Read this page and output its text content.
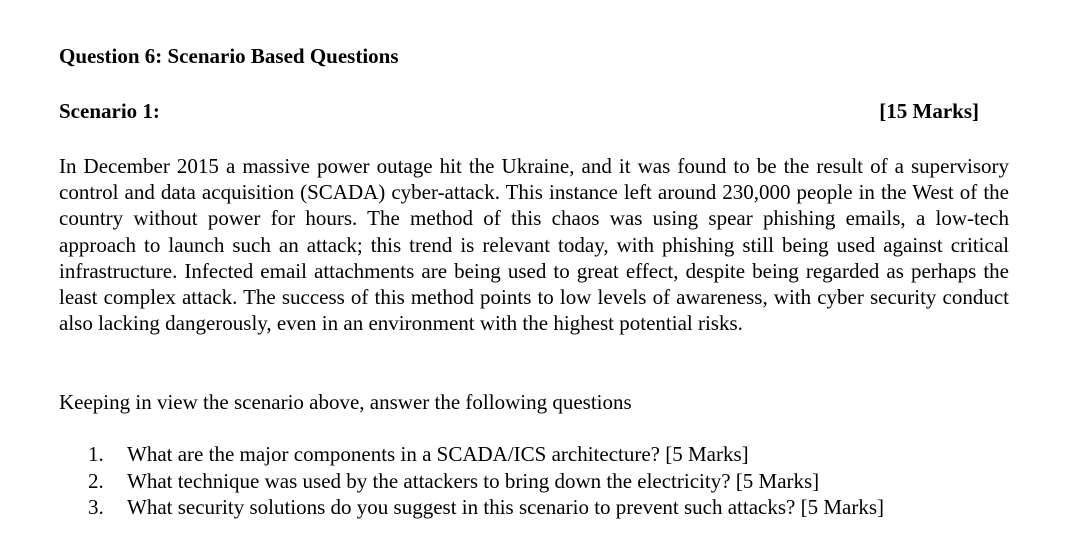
Question 6: Scenario Based Questions
Scenario 1:	[15 Marks]

In December 2015 a massive power outage hit the Ukraine, and it was found to be the result of a supervisory control and data acquisition (SCADA) cyber-attack. This instance left around 230,000 people in the West of the country without power for hours. The method of this chaos was using spear phishing emails, a low-tech approach to launch such an attack; this trend is relevant today, with phishing still being used against critical infrastructure. Infected email attachments are being used to great effect, despite being regarded as perhaps the least complex attack. The success of this method points to low levels of awareness, with cyber security conduct also lacking dangerously, even in an environment with the highest potential risks.

Keeping in view the scenario above, answer the following questions

1. What are the major components in a SCADA/ICS architecture? [5 Marks]
2. What technique was used by the attackers to bring down the electricity? [5 Marks]
3. What security solutions do you suggest in this scenario to prevent such attacks? [5 Marks]
